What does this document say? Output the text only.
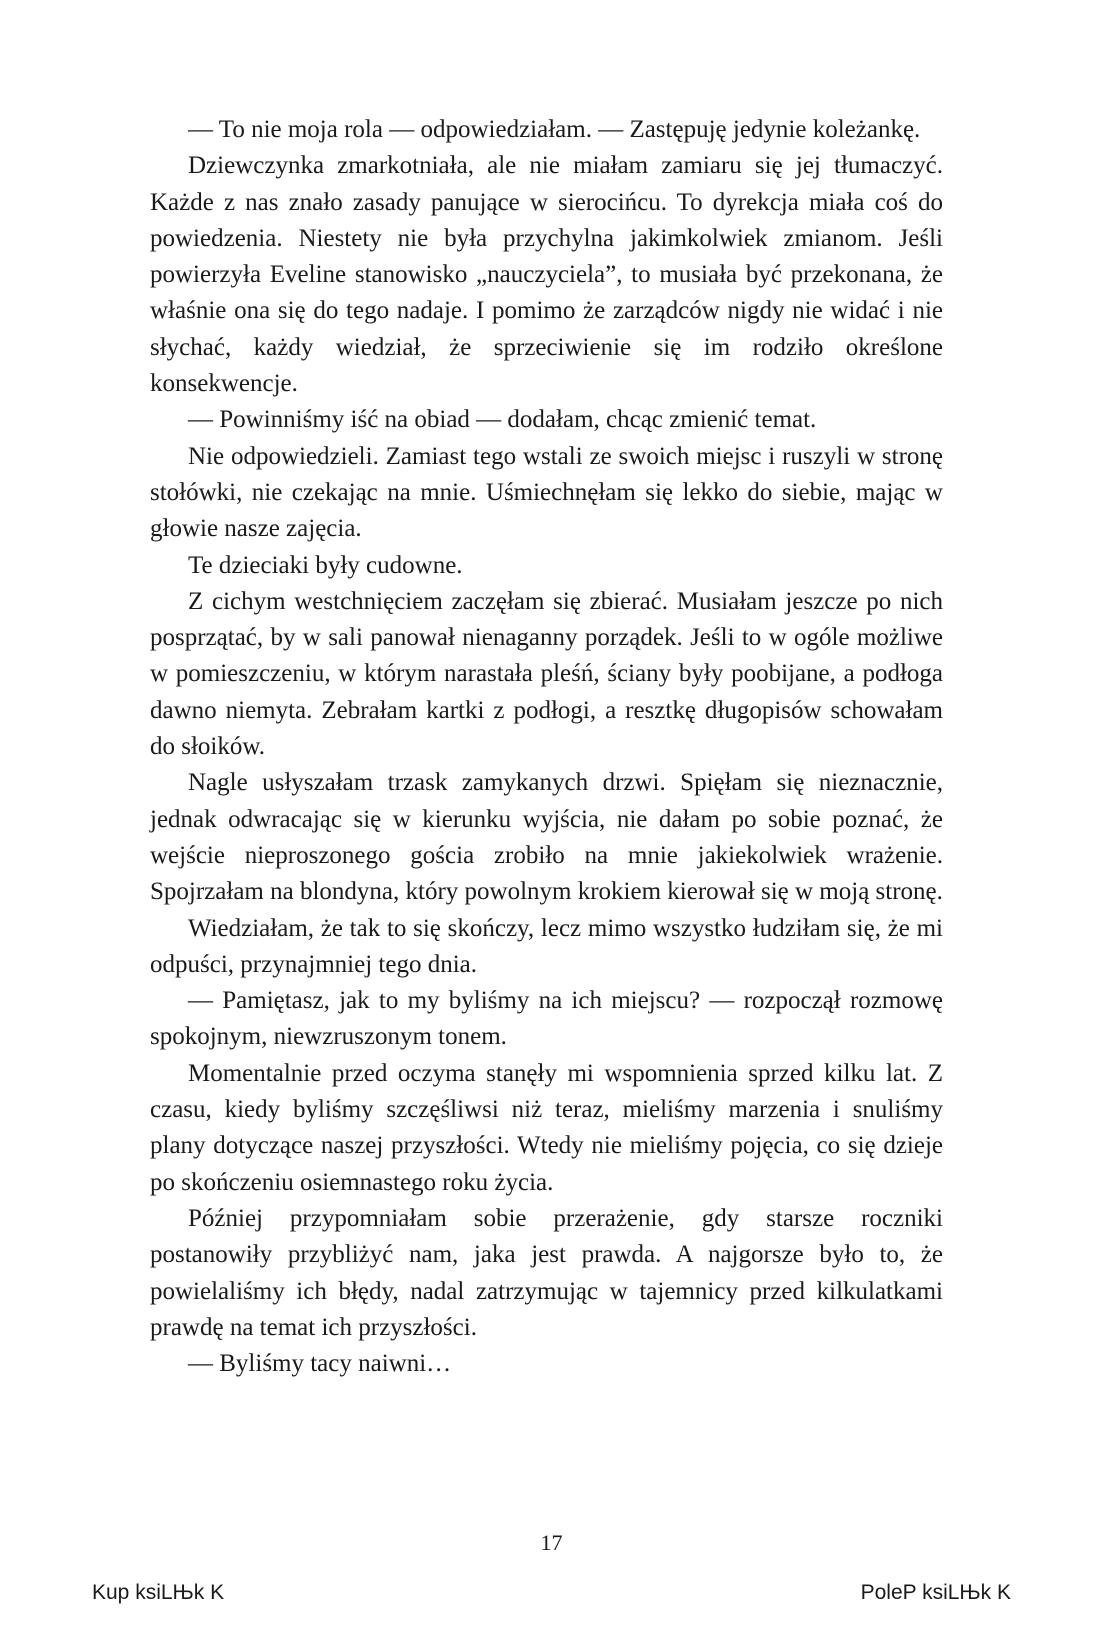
— To nie moja rola — odpowiedziałam. — Zastępuję jedynie koleżankę.

Dziewczynka zmarkotniała, ale nie miałam zamiaru się jej tłumaczyć. Każde z nas znało zasady panujące w sierocińcu. To dyrekcja miała coś do powiedzenia. Niestety nie była przychylna jakimkolwiek zmianom. Jeśli powierzyła Eveline stanowisko „nauczyciela”, to musiała być przekonana, że właśnie ona się do tego nadaje. I pomimo że zarządców nigdy nie widać i nie słychać, każdy wiedział, że sprzeciwienie się im rodziło określone konsekwencje.

— Powinniśmy iść na obiad — dodałam, chcąc zmienić temat.

Nie odpowiedzieli. Zamiast tego wstali ze swoich miejsc i ruszyli w stronę stołówki, nie czekając na mnie. Uśmiechnęłam się lekko do siebie, mając w głowie nasze zajęcia.

Te dzieciaki były cudowne.

Z cichym westchnięciem zaczęłam się zbierać. Musiałam jeszcze po nich posprzątać, by w sali panował nienaganny porządek. Jeśli to w ogóle możliwe w pomieszczeniu, w którym narastała pleśń, ściany były poobijane, a podłoga dawno niemyta. Zebrałam kartki z podłogi, a resztkę długopisów schowałam do słoików.

Nagle usłyszałam trzask zamykanych drzwi. Spięłam się nieznacznie, jednak odwracając się w kierunku wyjścia, nie dałam po sobie poznać, że wejście nieproszonego gościa zrobiło na mnie jakiekolwiek wrażenie. Spojrzałam na blondyna, który powolnym krokiem kierował się w moją stronę.

Wiedziałam, że tak to się skończy, lecz mimo wszystko łudziłam się, że mi odpuści, przynajmniej tego dnia.

— Pamiętasz, jak to my byliśmy na ich miejscu? — rozpoczął rozmowę spokojnym, niewzruszonym tonem.

Momentalnie przed oczyma stanęły mi wspomnienia sprzed kilku lat. Z czasu, kiedy byliśmy szczęśliwsi niż teraz, mieliśmy marzenia i snuliśmy plany dotyczące naszej przyszłości. Wtedy nie mieliśmy pojęcia, co się dzieje po skończeniu osiemnastego roku życia.

Później przypomniałam sobie przerażenie, gdy starsze roczniki postanowiły przybliżyć nam, jaka jest prawda. A najgorsze było to, że powielaliśmy ich błędy, nadal zatrzymując w tajemnicy przed kilkulatkami prawdę na temat ich przyszłości.

— Byliśmy tacy naiwni…

17
Kup ksiLЊk K	PoleP ksiLЊk K
